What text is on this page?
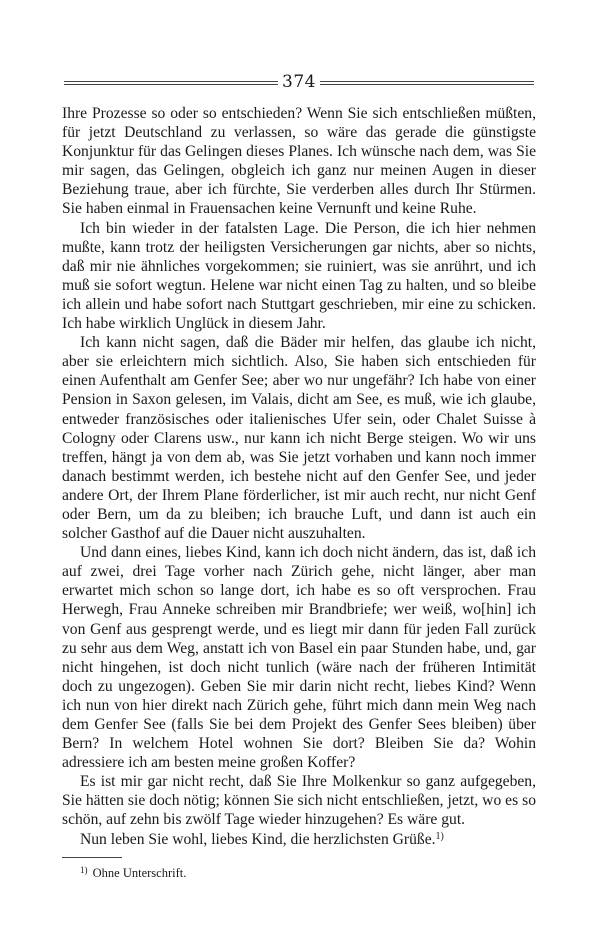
374

Ihre Prozesse so oder so entschieden? Wenn Sie sich entschließen müßten, für jetzt Deutschland zu verlassen, so wäre das gerade die günstigste Konjunktur für das Gelingen dieses Planes. Ich wünsche nach dem, was Sie mir sagen, das Gelingen, obgleich ich ganz nur meinen Augen in dieser Beziehung traue, aber ich fürchte, Sie verderben alles durch Ihr Stürmen. Sie haben einmal in Frauensachen keine Vernunft und keine Ruhe.

Ich bin wieder in der fatalsten Lage. Die Person, die ich hier nehmen mußte, kann trotz der heiligsten Versicherungen gar nichts, aber so nichts, daß mir nie ähnliches vorgekommen; sie ruiniert, was sie anrührt, und ich muß sie sofort wegtun. Helene war nicht einen Tag zu halten, und so bleibe ich allein und habe sofort nach Stuttgart geschrieben, mir eine zu schicken. Ich habe wirklich Unglück in diesem Jahr.

Ich kann nicht sagen, daß die Bäder mir helfen, das glaube ich nicht, aber sie erleichtern mich sichtlich. Also, Sie haben sich entschieden für einen Aufenthalt am Genfer See; aber wo nur ungefähr? Ich habe von einer Pension in Saxon gelesen, im Valais, dicht am See, es muß, wie ich glaube, entweder französisches oder italienisches Ufer sein, oder Chalet Suisse à Cologny oder Clarens usw., nur kann ich nicht Berge steigen. Wo wir uns treffen, hängt ja von dem ab, was Sie jetzt vorhaben und kann noch immer danach bestimmt werden, ich bestehe nicht auf den Genfer See, und jeder andere Ort, der Ihrem Plane förderlicher, ist mir auch recht, nur nicht Genf oder Bern, um da zu bleiben; ich brauche Luft, und dann ist auch ein solcher Gasthof auf die Dauer nicht auszuhalten.

Und dann eines, liebes Kind, kann ich doch nicht ändern, das ist, daß ich auf zwei, drei Tage vorher nach Zürich gehe, nicht länger, aber man erwartet mich schon so lange dort, ich habe es so oft versprochen. Frau Herwegh, Frau Anneke schreiben mir Brandbriefe; wer weiß, wo[hin] ich von Genf aus gesprengt werde, und es liegt mir dann für jeden Fall zurück zu sehr aus dem Weg, anstatt ich von Basel ein paar Stunden habe, und, gar nicht hingehen, ist doch nicht tunlich (wäre nach der früheren Intimität doch zu ungezogen). Geben Sie mir darin nicht recht, liebes Kind? Wenn ich nun von hier direkt nach Zürich gehe, führt mich dann mein Weg nach dem Genfer See (falls Sie bei dem Projekt des Genfer Sees bleiben) über Bern? In welchem Hotel wohnen Sie dort? Bleiben Sie da? Wohin adressiere ich am besten meine großen Koffer?

Es ist mir gar nicht recht, daß Sie Ihre Molkenkur so ganz aufgegeben, Sie hätten sie doch nötig; können Sie sich nicht entschließen, jetzt, wo es so schön, auf zehn bis zwölf Tage wieder hinzugehen? Es wäre gut.

Nun leben Sie wohl, liebes Kind, die herzlichsten Grüße.$^{1)}$

$^{1)}$ Ohne Unterschrift.
